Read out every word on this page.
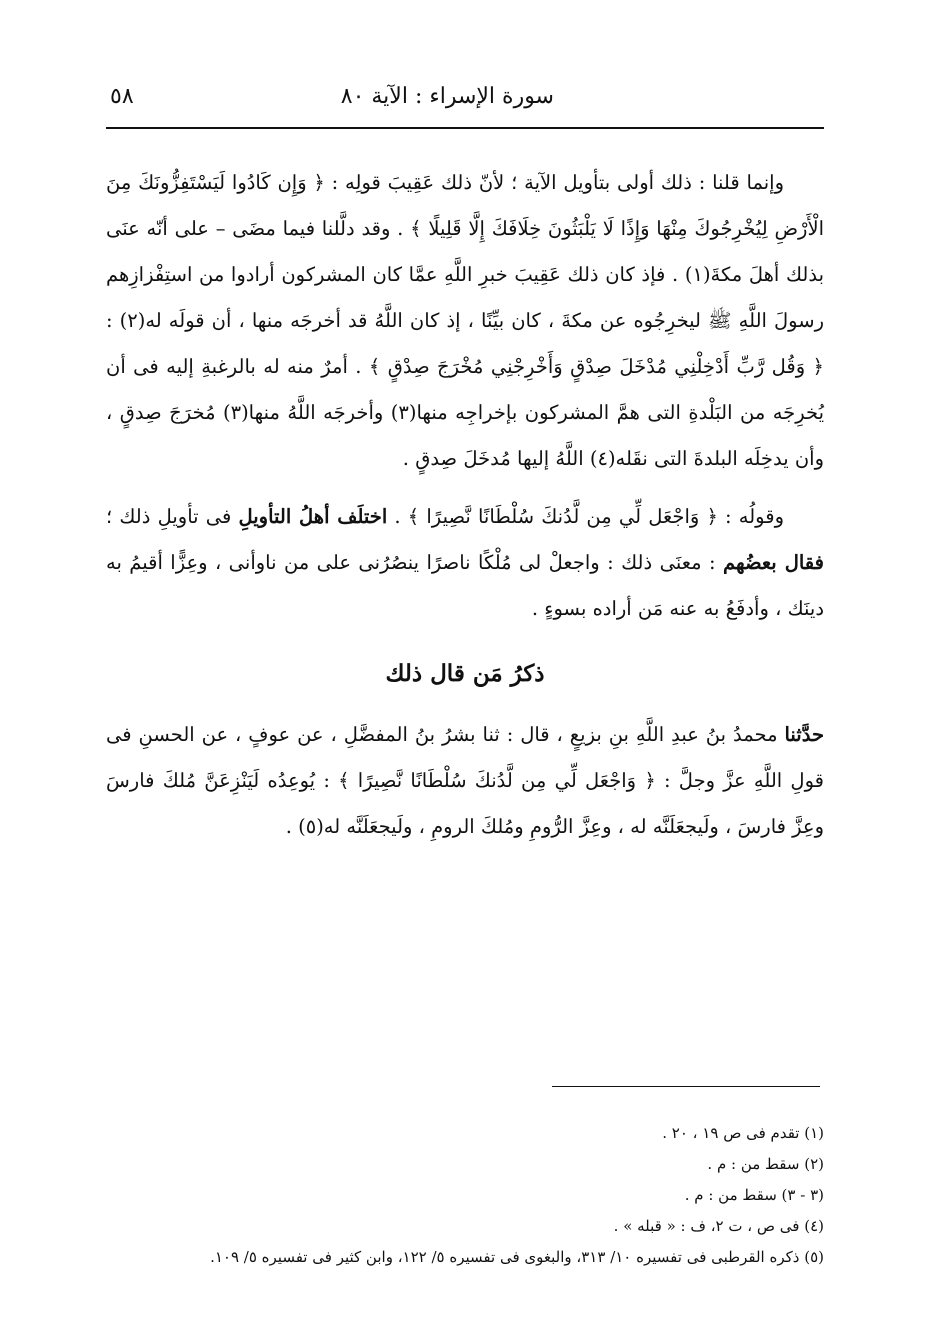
سورة الإسراء : الآية ٨٠
٥٨

وإنما قلنا : ذلك أولى بتأويل الآية ؛ لأنّ ذلك عَقِيبَ قولِه : ﴿ وَإِن كَادُوا لَيَسْتَفِزُّونَكَ مِنَ الْأَرْضِ لِيُخْرِجُوكَ مِنْهَا وَإِذًا لَا يَلْبَثُونَ خِلَافَكَ إِلَّا قَلِيلًا ﴾ . وقد دلَّلنا فيما مضَى – على أنّه عنَى بذلك أهلَ مكةَ(١) . فإذ كان ذلك عَقِيبَ خبرِ اللَّهِ عمَّا كان المشركون أرادوا من استِفْزازِهم رسولَ اللَّهِ ﷺ ليخرِجُوه عن مكةَ ، كان بيِّنًا ، إذ كان اللَّهُ قد أخرجَه منها ، أن قولَه له(٢) : ﴿ وَقُل رَّبِّ أَدْخِلْنِي مُدْخَلَ صِدْقٍ وَأَخْرِجْنِي مُخْرَجَ صِدْقٍ ﴾ . أمرٌ منه له بالرغبةِ إليه فى أن يُخرِجَه من البَلْدةِ التى همَّ المشركون بإخراجِه منها(٣) وأخرجَه اللَّهُ منها(٣) مُخرَجَ صِدقٍ ، وأن يدخِلَه البلدةَ التى نقَله(٤) اللَّهُ إليها مُدخَلَ صِدقٍ .

وقولُه : ﴿ وَاجْعَل لِّي مِن لَّدُنكَ سُلْطَانًا نَّصِيرًا ﴾ . اختلَف أهلُ التأويلِ فى تأويلِ ذلك ؛ فقال بعضُهم : معنَى ذلك : واجعلْ لى مُلْكًا ناصرًا ينصُرُنى على من ناوأنى ، وعِزًّا أقيمُ به دينَك ، وأدفَعُ به عنه مَن أراده بسوءٍ .

ذكرُ مَن قال ذلك

حدَّثنا محمدُ بنُ عبدِ اللَّهِ بنِ بزيعٍ ، قال : ثنا بشرُ بنُ المفضَّلِ ، عن عوفٍ ، عن الحسنِ فى قولِ اللَّهِ عزَّ وجلَّ : ﴿ وَاجْعَل لِّي مِن لَّدُنكَ سُلْطَانًا نَّصِيرًا ﴾ : يُوعِدُه لَيَنْزِعَنَّ مُلكَ فارسَ وعِزَّ فارسَ ، ولَيجعَلَنَّه له ، وعِزَّ الرُّومِ ومُلكَ الرومِ ، ولَيجعَلَنَّه له(٥) .

(١) تقدم فى ص ١٩ ، ٢٠ .

(٢) سقط من : م .

(٣ - ٣) سقط من : م .

(٤) فى ص ، ت ٢، ف : « قبله » .

(٥) ذكره القرطبى فى تفسيره ١٠/ ٣١٣، والبغوى فى تفسيره ٥/ ١٢٢، وابن كثير فى تفسيره ٥/ ١٠٩.
